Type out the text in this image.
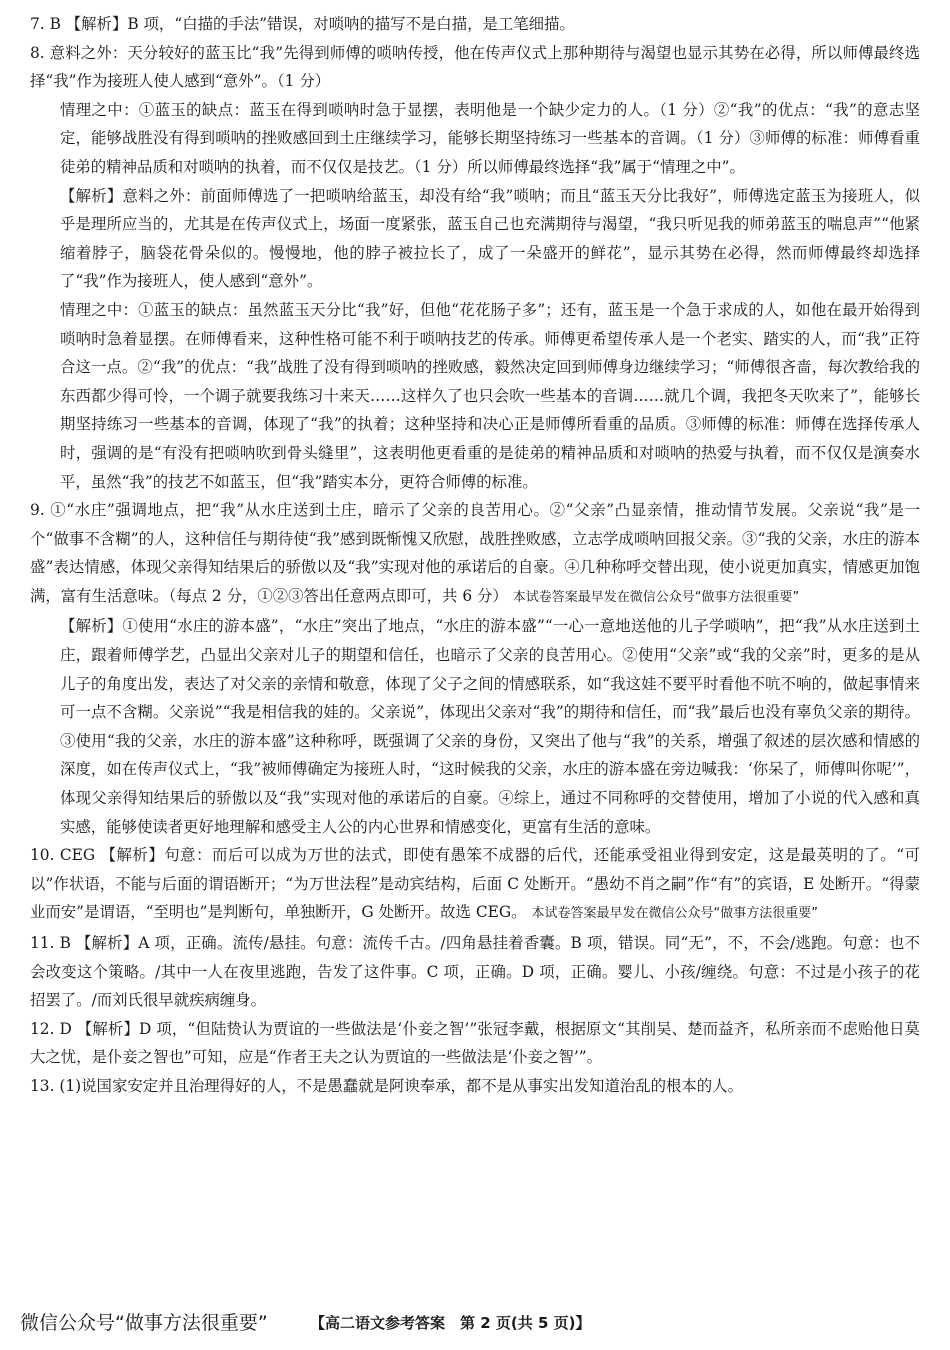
7. B 【解析】B 项，“白描的手法”错误，对唢呐的描写不是白描，是工笔细描。

8. 意料之外：天分较好的蓝玉比“我”先得到师傅的唢呐传授，他在传声仪式上那种期待与渴望也显示其势在必得，所以师傅最终选择“我”作为接班人使人感到“意外”。（1 分）

情理之中：①蓝玉的缺点：蓝玉在得到唢呐时急于显摆，表明他是一个缺少定力的人。（1 分）②“我”的优点：“我”的意志坚定，能够战胜没有得到唢呐的挫败感回到土庄继续学习，能够长期坚持练习一些基本的音调。（1 分）③师傅的标准：师傅看重徒弟的精神品质和对唢呐的执着，而不仅仅是技艺。（1 分）所以师傅最终选择“我”属于“情理之中”。

【解析】意料之外：前面师傅选了一把唢呐给蓝玉，却没有给“我”唢呐；而且“蓝玉天分比我好”，师傅选定蓝玉为接班人，似乎是理所应当的，尤其是在传声仪式上，场面一度紧张，蓝玉自己也充满期待与渴望，“我只听见我的师弟蓝玉的喘息声”“他紧缩着脖子，脑袋花骨朵似的。慢慢地，他的脖子被拉长了，成了一朵盛开的鲜花”，显示其势在必得，然而师傅最终却选择了“我”作为接班人，使人感到“意外”。

情理之中：①蓝玉的缺点：虽然蓝玉天分比“我”好，但他“花花肠子多”；还有，蓝玉是一个急于求成的人，如他在最开始得到唢呐时急着显摆。在师傅看来，这种性格可能不利于唢呐技艺的传承。师傅更希望传承人是一个老实、踏实的人，而“我”正符合这一点。②“我”的优点：“我”战胜了没有得到唢呐的挫败感，毅然决定回到师傅身边继续学习；“师傅很吝啬，每次教给我的东西都少得可怜，一个调子就要我练习十来天……这样久了也只会吹一些基本的音调……就几个调，我把冬天吹来了”，能够长期坚持练习一些基本的音调，体现了“我”的执着；这种坚持和决心正是师傅所看重的品质。③师傅的标准：师傅在选择传承人时，强调的是“有没有把唢呐吹到骨头缝里”，这表明他更看重的是徒弟的精神品质和对唢呐的热爱与执着，而不仅仅是演奏水平，虽然“我”的技艺不如蓝玉，但“我”踏实本分，更符合师傅的标准。

9. ①“水庄”强调地点，把“我”从水庄送到土庄，暗示了父亲的良苦用心。②“父亲”凸显亲情，推动情节发展。父亲说“我”是一个“做事不含糊”的人，这种信任与期待使“我”感到既惭愧又欣慰，战胜挫败感，立志学成唢呐回报父亲。③“我的父亲，水庄的游本盛”表达情感，体现父亲得知结果后的骄傲以及“我”实现对他的承诺后的自豪。④几种称呼交替出现，使小说更加真实，情感更加饱满，富有生活意味。（每点 2 分，①②③答出任意两点即可，共 6 分） 本试卷答案最早发在微信公众号“做事方法很重要”

【解析】①使用“水庄的游本盛”，“水庄”突出了地点，“水庄的游本盛”“一心一意地送他的儿子学唢呐”，把“我”从水庄送到土庄，跟着师傅学艺，凸显出父亲对儿子的期望和信任，也暗示了父亲的良苦用心。②使用“父亲”或“我的父亲”时，更多的是从儿子的角度出发，表达了对父亲的亲情和敬意，体现了父子之间的情感联系，如“我这娃不要平时看他不吭不响的，做起事情来可一点不含糊。父亲说”“我是相信我的娃的。父亲说”，体现出父亲对“我”的期待和信任，而“我”最后也没有辜负父亲的期待。③使用“我的父亲，水庄的游本盛”这种称呼，既强调了父亲的身份，又突出了他与“我”的关系，增强了叙述的层次感和情感的深度，如在传声仪式上，“我”被师傅确定为接班人时，“这时候我的父亲，水庄的游本盛在旁边喊我：‘你呆了，师傅叫你呢’”，体现父亲得知结果后的骄傲以及“我”实现对他的承诺后的自豪。④综上，通过不同称呼的交替使用，增加了小说的代入感和真实感，能够使读者更好地理解和感受主人公的内心世界和情感变化，更富有生活的意味。

10. CEG 【解析】句意：而后可以成为万世的法式，即使有愚笨不成器的后代，还能承受祖业得到安定，这是最英明的了。“可以”作状语，不能与后面的谓语断开；“为万世法程”是动宾结构，后面 C 处断开。“愚幼不肖之嗣”作“有”的宾语，E 处断开。“得蒙业而安”是谓语，“至明也”是判断句，单独断开，G 处断开。故选 CEG。 本试卷答案最早发在微信公众号“做事方法很重要”

11. B 【解析】A 项，正确。流传/悬挂。句意：流传千古。/四角悬挂着香囊。B 项，错误。同“无”，不，不会/逃跑。句意：也不会改变这个策略。/其中一人在夜里逃跑，告发了这件事。C 项，正确。D 项，正确。婴儿、小孩/缠绕。句意：不过是小孩子的花招罢了。/而刘氏很早就疾病缠身。

12. D 【解析】D 项，“但陆贽认为贾谊的一些做法是‘仆妾之智’”张冠李戴，根据原文“其削吴、楚而益齐，私所亲而不虑贻他日莫大之忧，是仆妾之智也”可知，应是“作者王夫之认为贾谊的一些做法是‘仆妾之智’”。

13. (1)说国家安定并且治理得好的人，不是愚蠢就是阿谀奉承，都不是从事实出发知道治乱的根本的人。

微信公众号“做事方法很重要”	【高二语文参考答案　第 2 页(共 5 页)】
